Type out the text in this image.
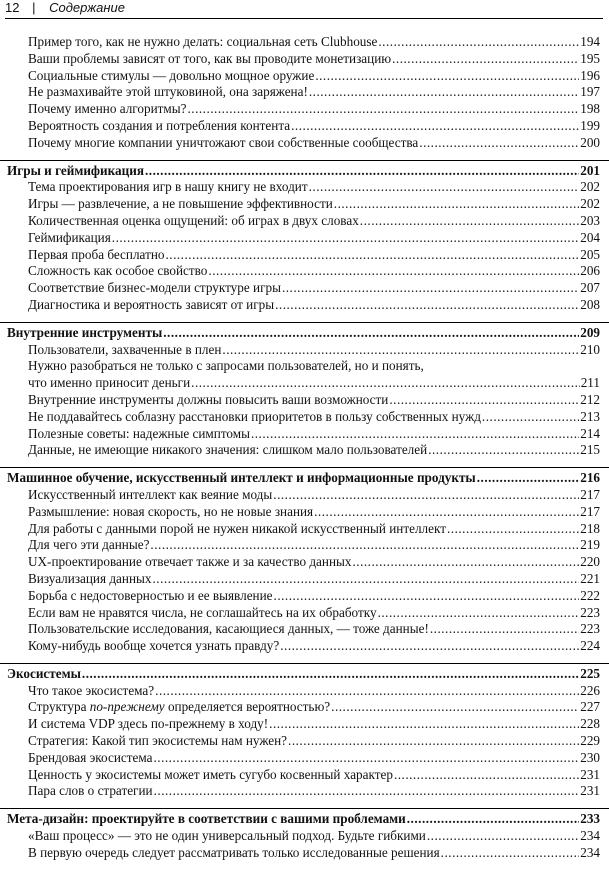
12 | Содержание
Пример того, как не нужно делать: социальная сеть Clubhouse .....	194
Ваши проблемы зависят от того, как вы проводите монетизацию .....	195
Социальные стимулы — довольно мощное оружие .....	196
Не размахивайте этой штуковиной, она заряжена! .....	197
Почему именно алгоритмы? .....	198
Вероятность создания и потребления контента .....	199
Почему многие компании уничтожают свои собственные сообщества .....	200
Игры и геймификация .....	201
Тема проектирования игр в нашу книгу не входит .....	202
Игры — развлечение, а не повышение эффективности .....	202
Количественная оценка ощущений: об играх в двух словах .....	203
Геймификация .....	204
Первая проба бесплатно .....	205
Сложность как особое свойство .....	206
Соответствие бизнес-модели структуре игры .....	207
Диагностика и вероятность зависят от игры .....	208
Внутренние инструменты .....	209
Пользователи, захваченные в плен .....	210
Нужно разобраться не только с запросами пользователей, но и понять,
что именно приносит деньги .....	211
Внутренние инструменты должны повысить ваши возможности .....	212
Не поддавайтесь соблазну расстановки приоритетов в пользу собственных нужд .....	213
Полезные советы: надежные симптомы .....	214
Данные, не имеющие никакого значения: слишком мало пользователей .....	215
Машинное обучение, искусственный интеллект и информационные продукты .....	216
Искусственный интеллект как веяние моды .....	217
Размышление: новая скорость, но не новые знания .....	217
Для работы с данными порой не нужен никакой искусственный интеллект .....	218
Для чего эти данные? .....	219
UX-проектирование отвечает также и за качество данных .....	220
Визуализация данных .....	221
Борьба с недостоверностью и ее выявление .....	222
Если вам не нравятся числа, не соглашайтесь на их обработку .....	223
Пользовательские исследования, касающиеся данных, — тоже данные! .....	223
Кому-нибудь вообще хочется узнать правду? .....	224
Экосистемы .....	225
Что такое экосистема? .....	226
Структура по-прежнему определяется вероятностью? .....	227
И система VDP здесь по-прежнему в ходу! .....	228
Стратегия: Какой тип экосистемы нам нужен? .....	229
Брендовая экосистема .....	230
Ценность у экосистемы может иметь сугубо косвенный характер .....	231
Пара слов о стратегии .....	231
Мета-дизайн: проектируйте в соответствии с вашими проблемами .....	233
«Ваш процесс» — это не один универсальный подход. Будьте гибкими .....	234
В первую очередь следует рассматривать только исследованные решения .....	234
